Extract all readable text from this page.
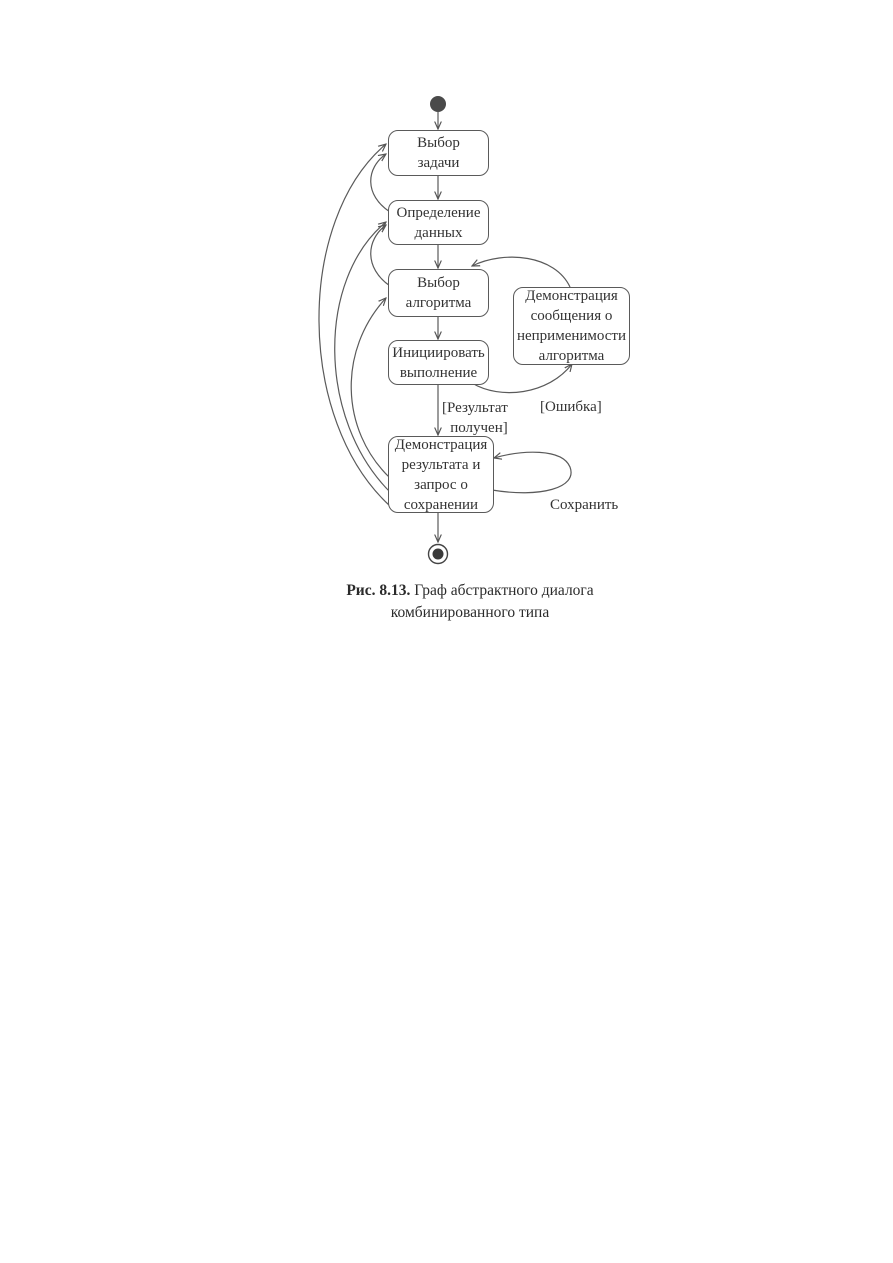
Выбор
задачи
Определение
данных
Выбор
алгоритма
Инициировать
выполнение
Демонстрация
результата и
запрос о
сохранении
Демонстрация
сообщения о
неприменимости
алгоритма
[Результат
получен]
[Ошибка]
Сохранить
Рис. 8.13. Граф абстрактного диалога
комбинированного типа
